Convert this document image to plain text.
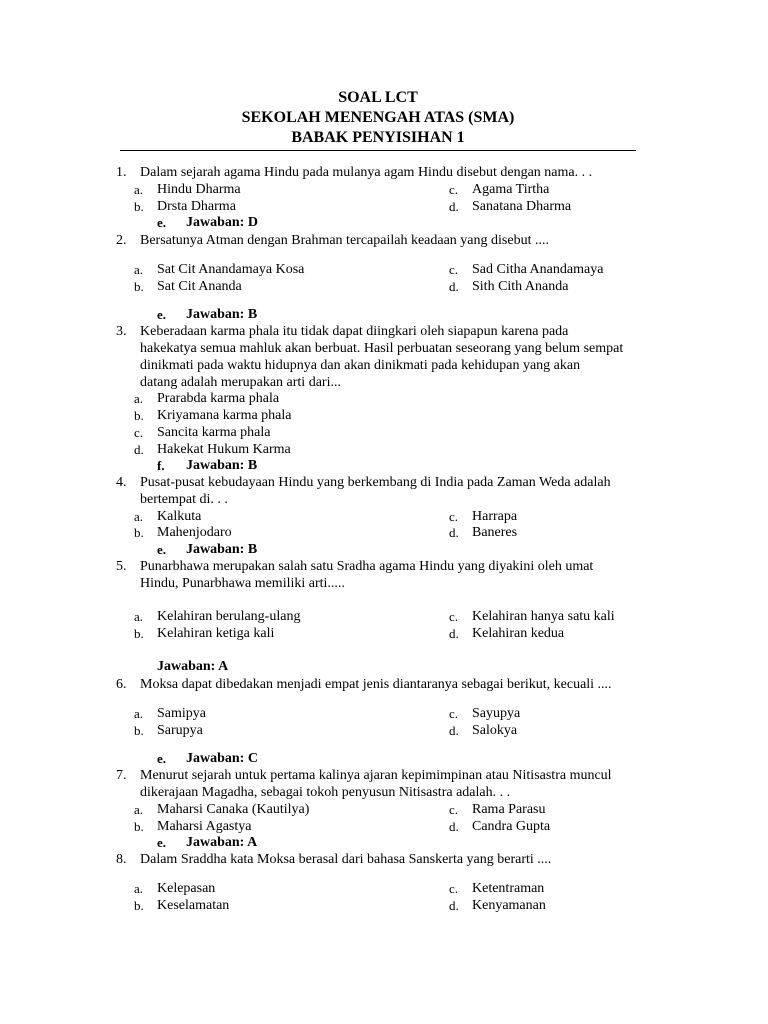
SOAL LCT
SEKOLAH MENENGAH ATAS (SMA)
BABAK PENYISIHAN 1
1. Dalam sejarah agama Hindu pada mulanya agam Hindu disebut dengan nama. . .
a. Hindu Dharma	c. Agama Tirtha
b. Drsta Dharma	d. Sanatana Dharma
e. Jawaban: D
2. Bersatunya Atman dengan Brahman tercapailah keadaan yang disebut ....
a. Sat Cit Anandamaya Kosa	c. Sad Citha Anandamaya
b. Sat Cit Ananda	d. Sith Cith Ananda
e. Jawaban: B
3. Keberadaan karma phala itu tidak dapat diingkari oleh siapapun karena pada
hakekatya semua mahluk akan berbuat. Hasil perbuatan seseorang yang belum sempat
dinikmati pada waktu hidupnya dan akan dinikmati pada kehidupan yang akan
datang adalah merupakan arti dari...
a. Prarabda karma phala
b. Kriyamana karma phala
c. Sancita karma phala
d. Hakekat Hukum Karma
f. Jawaban: B
4. Pusat-pusat kebudayaan Hindu yang berkembang di India pada Zaman Weda adalah
bertempat di. . .
a. Kalkuta	c. Harrapa
b. Mahenjodaro	d. Baneres
e. Jawaban: B
5. Punarbhawa merupakan salah satu Sradha agama Hindu yang diyakini oleh umat
Hindu, Punarbhawa memiliki arti.....
a. Kelahiran berulang-ulang	c. Kelahiran hanya satu kali
b. Kelahiran ketiga kali	d. Kelahiran kedua
Jawaban: A
6. Moksa dapat dibedakan menjadi empat jenis diantaranya sebagai berikut, kecuali ....
a. Samipya	c. Sayupya
b. Sarupya	d. Salokya
e. Jawaban: C
7. Menurut sejarah untuk pertama kalinya ajaran kepimimpinan atau Nitisastra muncul
dikerajaan Magadha, sebagai tokoh penyusun Nitisastra adalah. . .
a. Maharsi Canaka (Kautilya)	c. Rama Parasu
b. Maharsi Agastya	d. Candra Gupta
e. Jawaban: A
8. Dalam Sraddha kata Moksa berasal dari bahasa Sanskerta yang berarti ....
a. Kelepasan	c. Ketentraman
b. Keselamatan	d. Kenyamanan
